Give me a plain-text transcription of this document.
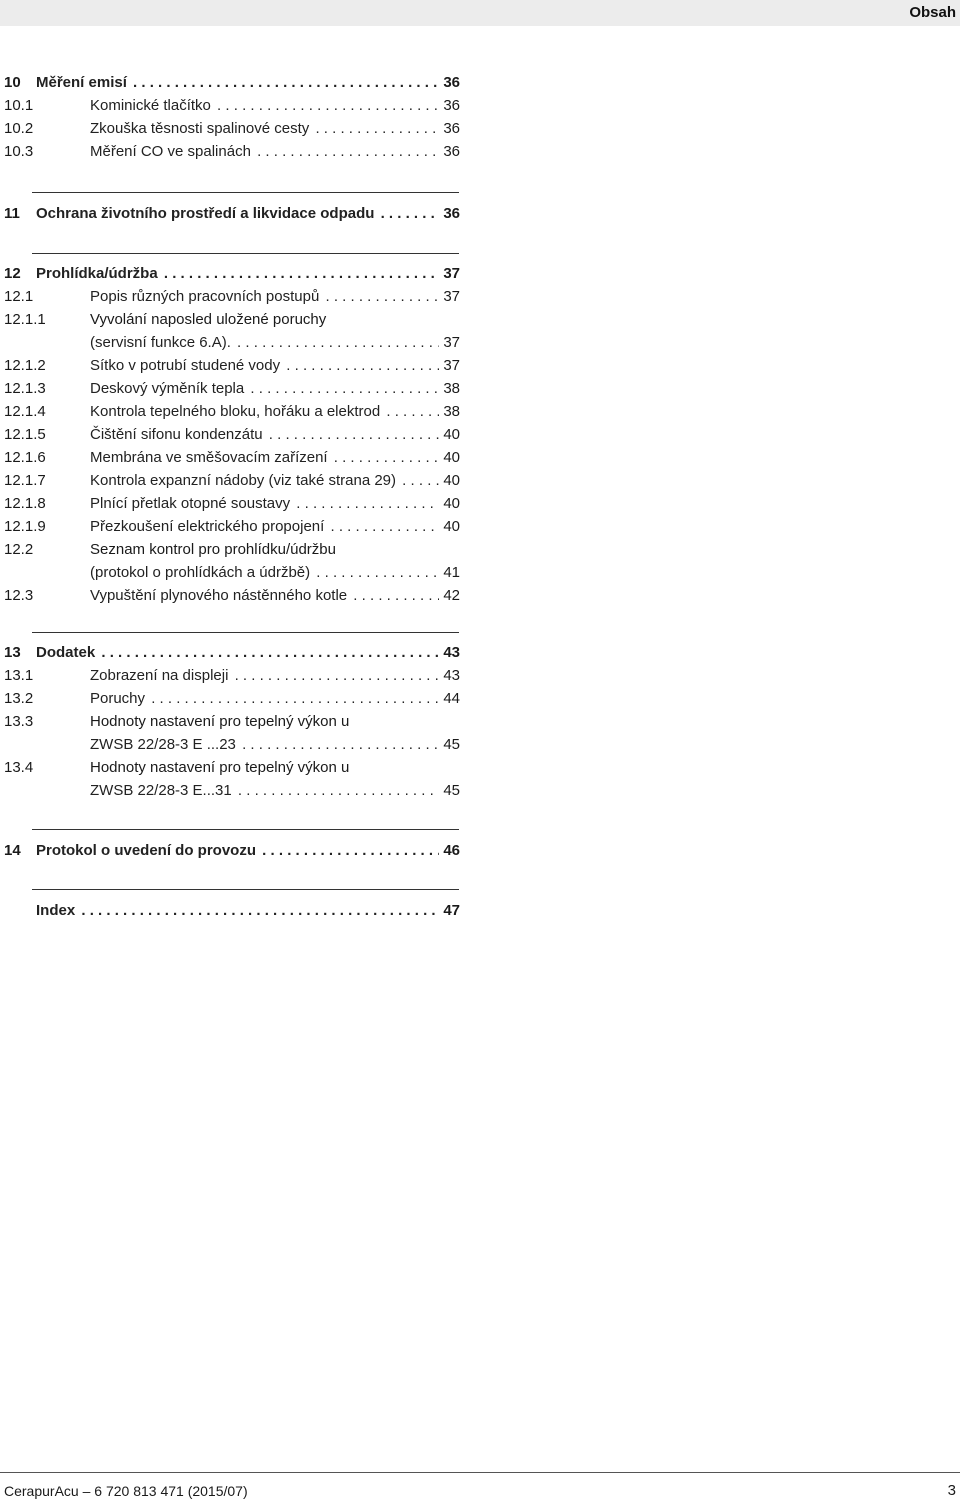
Obsah
10 Měření emisí . . .	36
10.1	Kominické tlačítko . . .	36
10.2	Zkouška těsnosti spalinové cesty . . .	36
10.3	Měření CO ve spalinách . . .	36
11 Ochrana životního prostředí a likvidace odpadu . . .	36
12 Prohlídka/údržba . . .	37
12.1	Popis různých pracovních postupů . . .	37
12.1.1	Vyvolání naposled uložené poruchy
(servisní funkce 6.A). . . .	37
12.1.2	Sítko v potrubí studené vody . . .	37
12.1.3	Deskový výměník tepla . . .	38
12.1.4	Kontrola tepelného bloku, hořáku a elektrod . . .	38
12.1.5	Čištění sifonu kondenzátu . . .	40
12.1.6	Membrána ve směšovacím zařízení . . .	40
12.1.7	Kontrola expanzní nádoby (viz také strana 29) . . .	40
12.1.8	Plnící přetlak otopné soustavy . . .	40
12.1.9	Přezkoušení elektrického propojení . . .	40
12.2	Seznam kontrol pro prohlídku/údržbu
(protokol o prohlídkách a údržbě) . . .	41
12.3	Vypuštění plynového nástěnného kotle . . .	42
13 Dodatek . . .	43
13.1	Zobrazení na displeji . . .	43
13.2	Poruchy . . .	44
13.3	Hodnoty nastavení pro tepelný výkon u
ZWSB 22/28-3 E ...23 . . .	45
13.4	Hodnoty nastavení pro tepelný výkon u
ZWSB 22/28-3 E...31 . . .	45
14 Protokol o uvedení do provozu . . .	46
Index . . .	47
CerapurAcu – 6 720 813 471 (2015/07)	3
